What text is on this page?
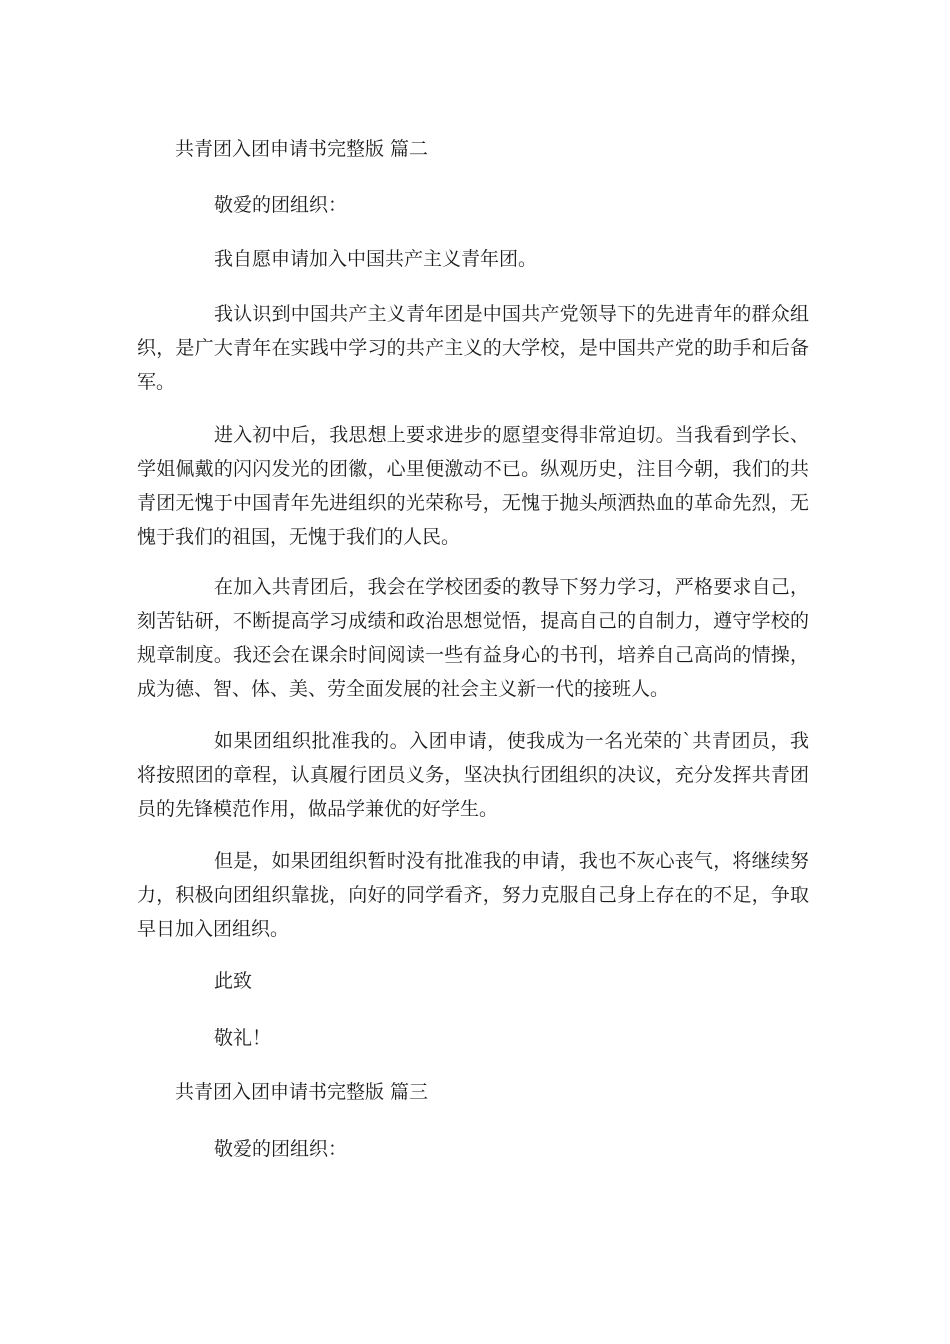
共青团入团申请书完整版 篇二

敬爱的团组织：

我自愿申请加入中国共产主义青年团。

我认识到中国共产主义青年团是中国共产党领导下的先进青年的群众组织，是广大青年在实践中学习的共产主义的大学校，是中国共产党的助手和后备军。

进入初中后，我思想上要求进步的愿望变得非常迫切。当我看到学长、学姐佩戴的闪闪发光的团徽，心里便激动不已。纵观历史，注目今朝，我们的共青团无愧于中国青年先进组织的光荣称号，无愧于抛头颅洒热血的革命先烈，无愧于我们的祖国，无愧于我们的人民。

在加入共青团后，我会在学校团委的教导下努力学习，严格要求自己，刻苦钻研，不断提高学习成绩和政治思想觉悟，提高自己的自制力，遵守学校的规章制度。我还会在课余时间阅读一些有益身心的书刊，培养自己高尚的情操，成为德、智、体、美、劳全面发展的社会主义新一代的接班人。

如果团组织批准我的。入团申请，使我成为一名光荣的`共青团员，我将按照团的章程，认真履行团员义务，坚决执行团组织的决议，充分发挥共青团员的先锋模范作用，做品学兼优的好学生。

但是，如果团组织暂时没有批准我的申请，我也不灰心丧气，将继续努力，积极向团组织靠拢，向好的同学看齐，努力克服自己身上存在的不足，争取早日加入团组织。

此致

敬礼！

共青团入团申请书完整版 篇三

敬爱的团组织：
